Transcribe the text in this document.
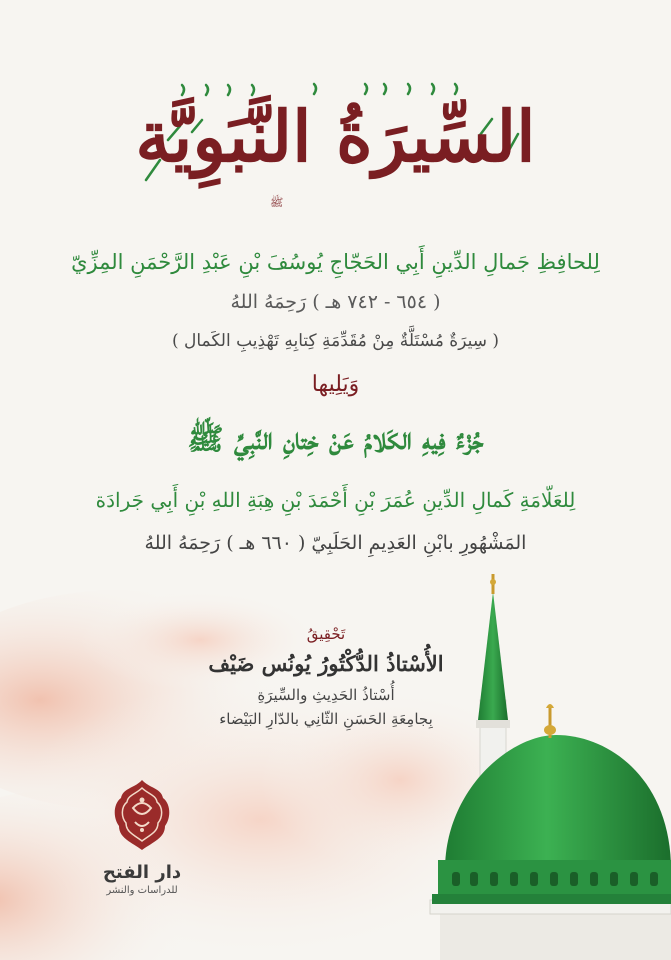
السِّيرَةُ النَّبَوِيَّة
ﷺ
لِلحافِظِ جَمالِ الدِّينِ أَبِي الحَجّاجِ يُوسُفَ بْنِ عَبْدِ الرَّحْمَنِ المِزِّيّ
( ٦٥٤ - ٧٤٢ هـ ) رَحِمَهُ اللهُ
( سِيرَةٌ مُسْتَلَّةٌ مِنْ مُقَدِّمَةِ كِتابِهِ تَهْذِيبِ الكَمال )
وَيَلِيها
جُزْءٌ فِيهِ الكَلامُ عَنْ خِتانِ النَّبِيِّ ﷺ
لِلعَلّامَةِ كَمالِ الدِّينِ عُمَرَ بْنِ أَحْمَدَ بْنِ هِبَةِ اللهِ بْنِ أَبِي جَرادَة
المَشْهُورِ بابْنِ العَدِيمِ الحَلَبِيّ ( ٦٦٠ هـ ) رَحِمَهُ اللهُ
تَحْقِيقُ
الأُسْتاذُ الدُّكْتُورُ يُونُس ضَيْف
أُسْتاذُ الحَدِيثِ والسِّيرَةِ
بِجامِعَةِ الحَسَنِ الثّانِي بالدّارِ البَيْضاء
دار الفتح
للدراسات والنشر
